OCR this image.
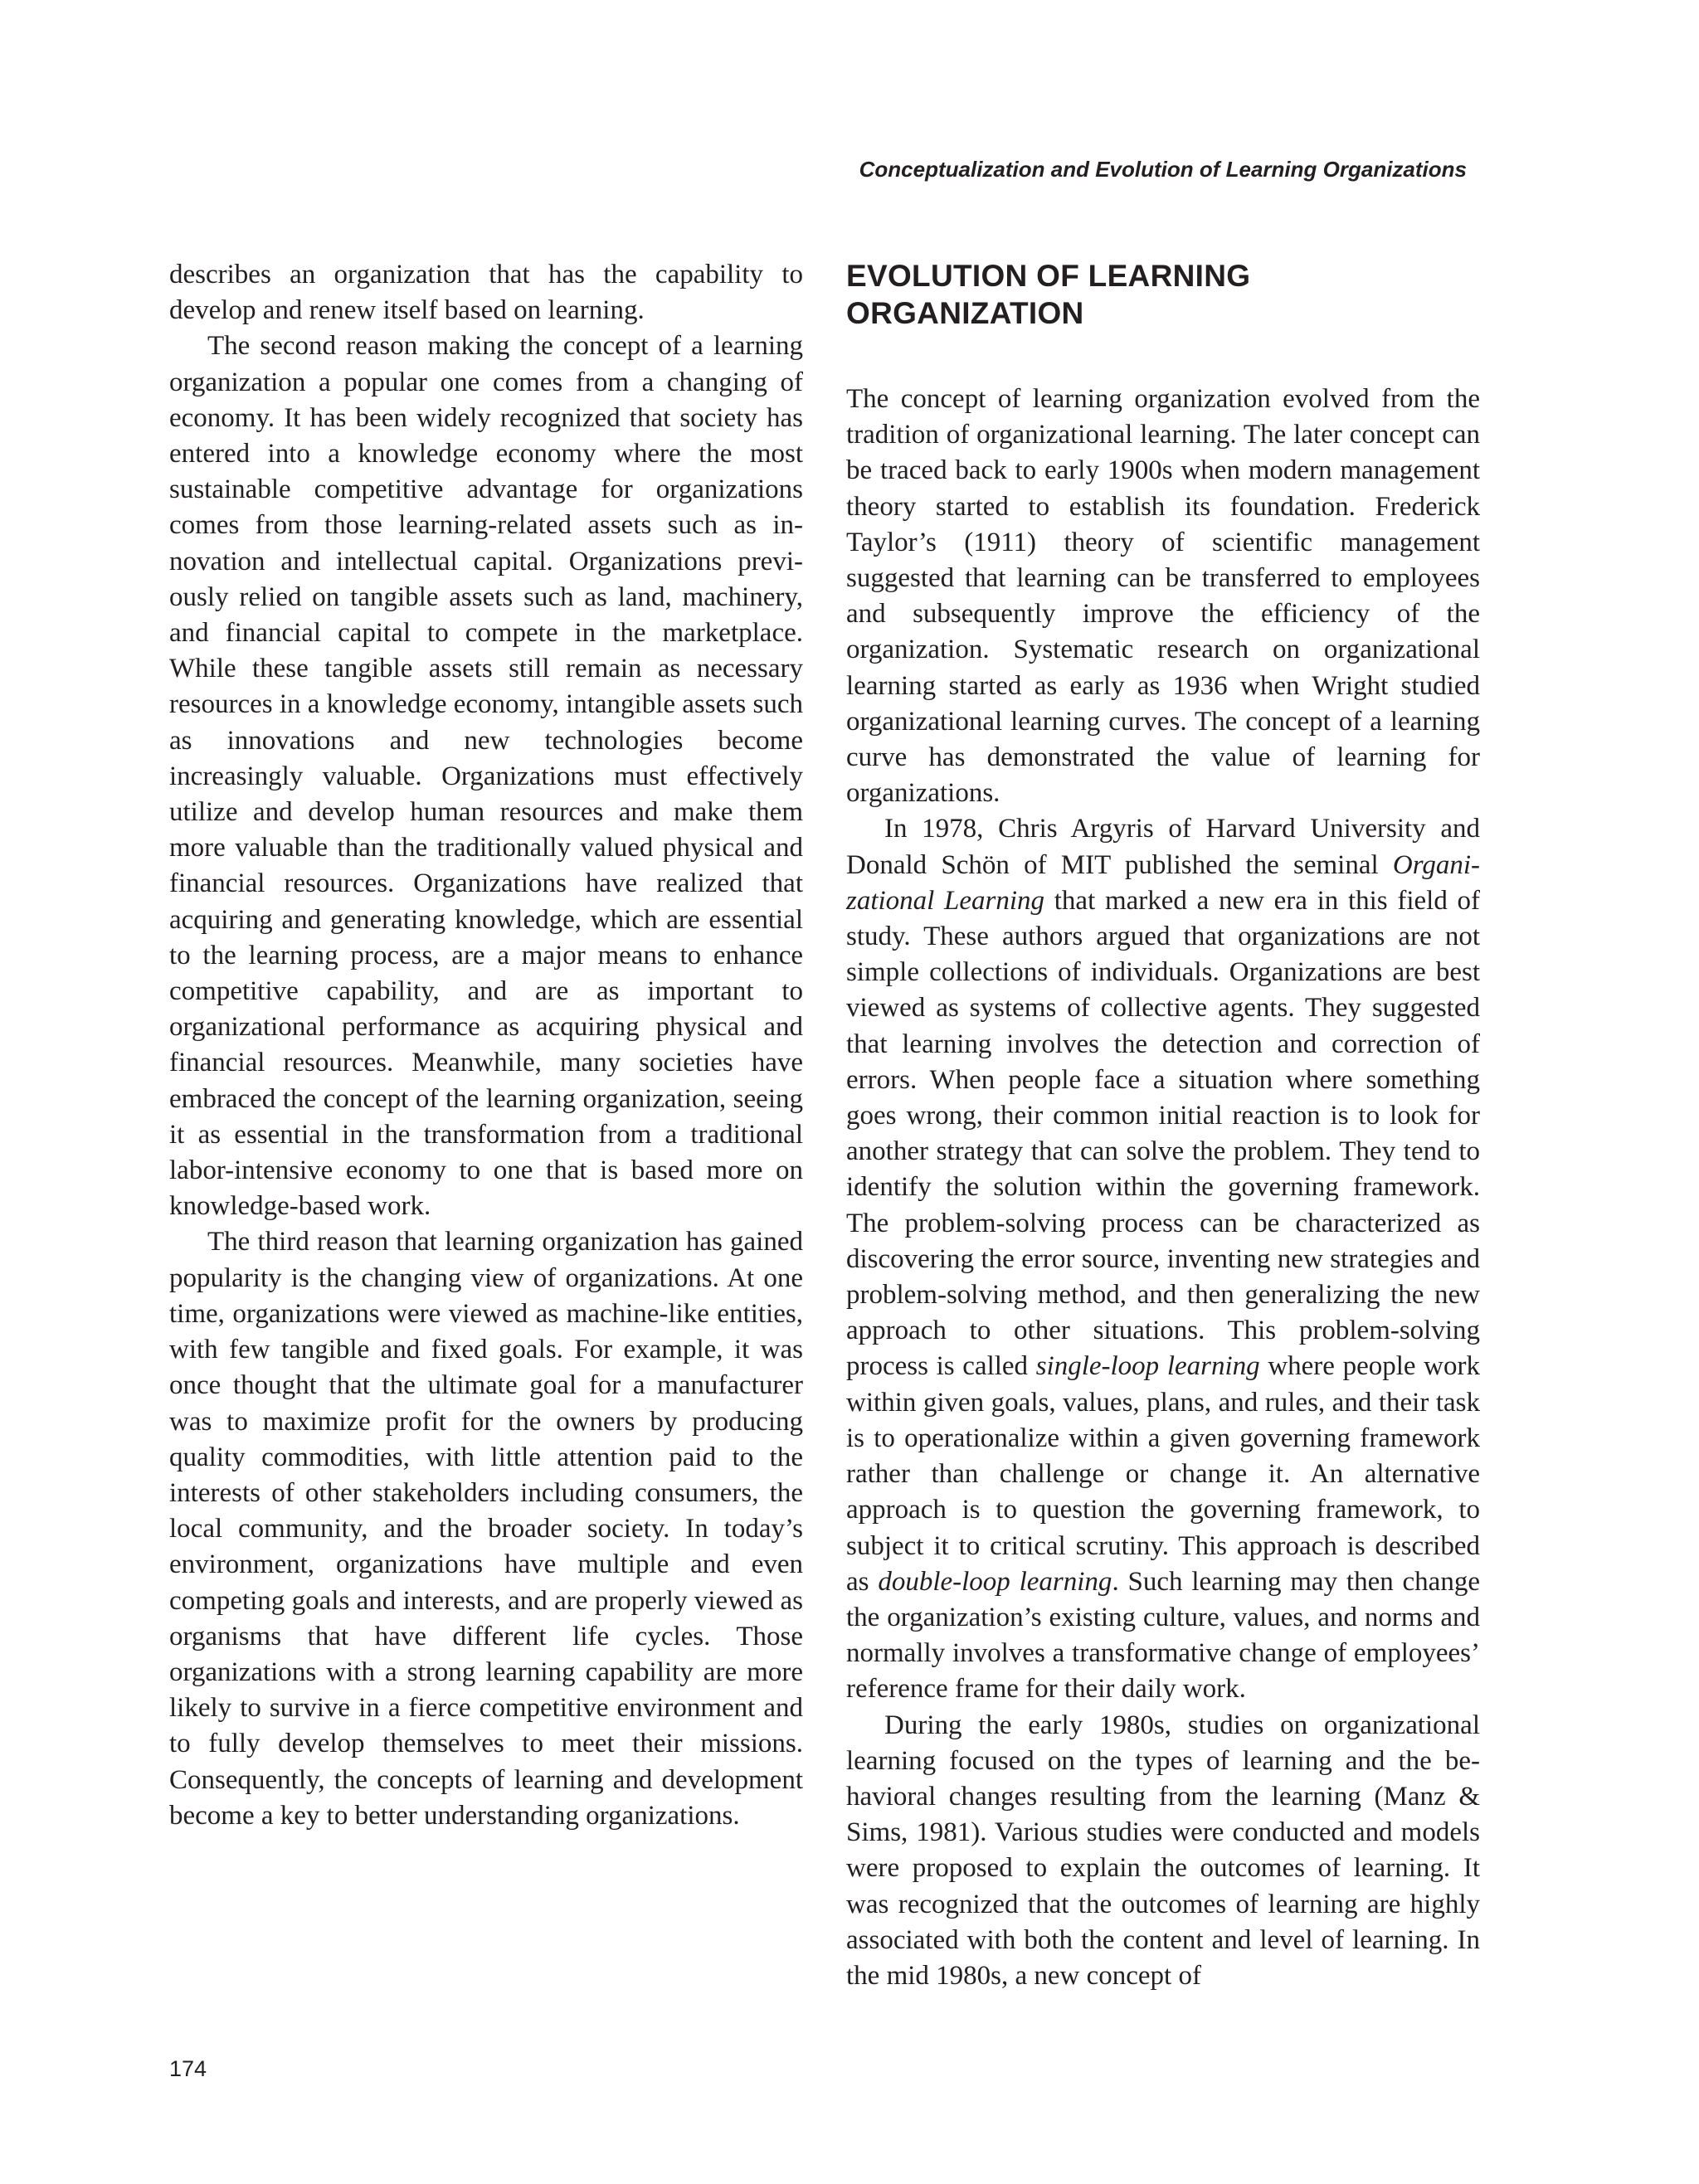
Conceptualization and Evolution of Learning Organizations

describes an organization that has the capability to develop and renew itself based on learning.

The second reason making the concept of a learning organization a popular one comes from a changing of economy. It has been widely recognized that society has entered into a knowledge economy where the most sustainable competitive advantage for organizations comes from those learning-related assets such as innovation and intellectual capital. Organizations previously relied on tangible assets such as land, machinery, and financial capital to compete in the marketplace. While these tangible assets still remain as necessary resources in a knowledge economy, intangible assets such as innovations and new technologies become increasingly valuable. Organizations must effectively utilize and develop human resources and make them more valuable than the traditionally valued physical and financial resources. Organizations have realized that acquiring and generating knowledge, which are essential to the learning process, are a major means to enhance competitive capability, and are as important to organizational performance as acquiring physical and financial resources. Meanwhile, many societies have embraced the concept of the learning organization, seeing it as essential in the transformation from a traditional labor-intensive economy to one that is based more on knowledge-based work.

The third reason that learning organization has gained popularity is the changing view of organizations. At one time, organizations were viewed as machine-like entities, with few tangible and fixed goals. For example, it was once thought that the ultimate goal for a manufacturer was to maximize profit for the owners by producing quality commodities, with little attention paid to the interests of other stakeholders including consumers, the local community, and the broader society. In today’s environment, organizations have multiple and even competing goals and interests, and are properly viewed as organisms that have different life cycles. Those organizations with a strong learning capability are more likely to survive in a fierce competitive environment and to fully develop themselves to meet their missions. Consequently, the concepts of learning and development become a key to better understanding organizations.

EVOLUTION OF LEARNING
ORGANIZATION

The concept of learning organization evolved from the tradition of organizational learning. The later concept can be traced back to early 1900s when modern management theory started to establish its foundation. Frederick Taylor’s (1911) theory of scientific management suggested that learning can be transferred to employees and subsequently improve the efficiency of the organization. Systematic research on organizational learning started as early as 1936 when Wright studied organizational learning curves. The concept of a learning curve has demonstrated the value of learning for organizations.

In 1978, Chris Argyris of Harvard University and Donald Schön of MIT published the seminal Organizational Learning that marked a new era in this field of study. These authors argued that organizations are not simple collections of individuals. Organizations are best viewed as systems of collective agents. They suggested that learning involves the detection and correction of errors. When people face a situation where something goes wrong, their common initial reaction is to look for another strategy that can solve the problem. They tend to identify the solution within the governing framework. The problem-solving process can be characterized as discovering the error source, inventing new strategies and problem-solving method, and then generalizing the new approach to other situations. This problem-solving process is called single-loop learning where people work within given goals, values, plans, and rules, and their task is to operationalize within a given governing framework rather than challenge or change it. An alternative approach is to question the governing framework, to subject it to critical scrutiny. This approach is described as double-loop learning. Such learning may then change the organization’s existing culture, values, and norms and normally involves a transformative change of employees’ reference frame for their daily work.

During the early 1980s, studies on organizational learning focused on the types of learning and the behavioral changes resulting from the learning (Manz & Sims, 1981). Various studies were conducted and models were proposed to explain the outcomes of learning. It was recognized that the outcomes of learning are highly associated with both the content and level of learning. In the mid 1980s, a new concept of

174
